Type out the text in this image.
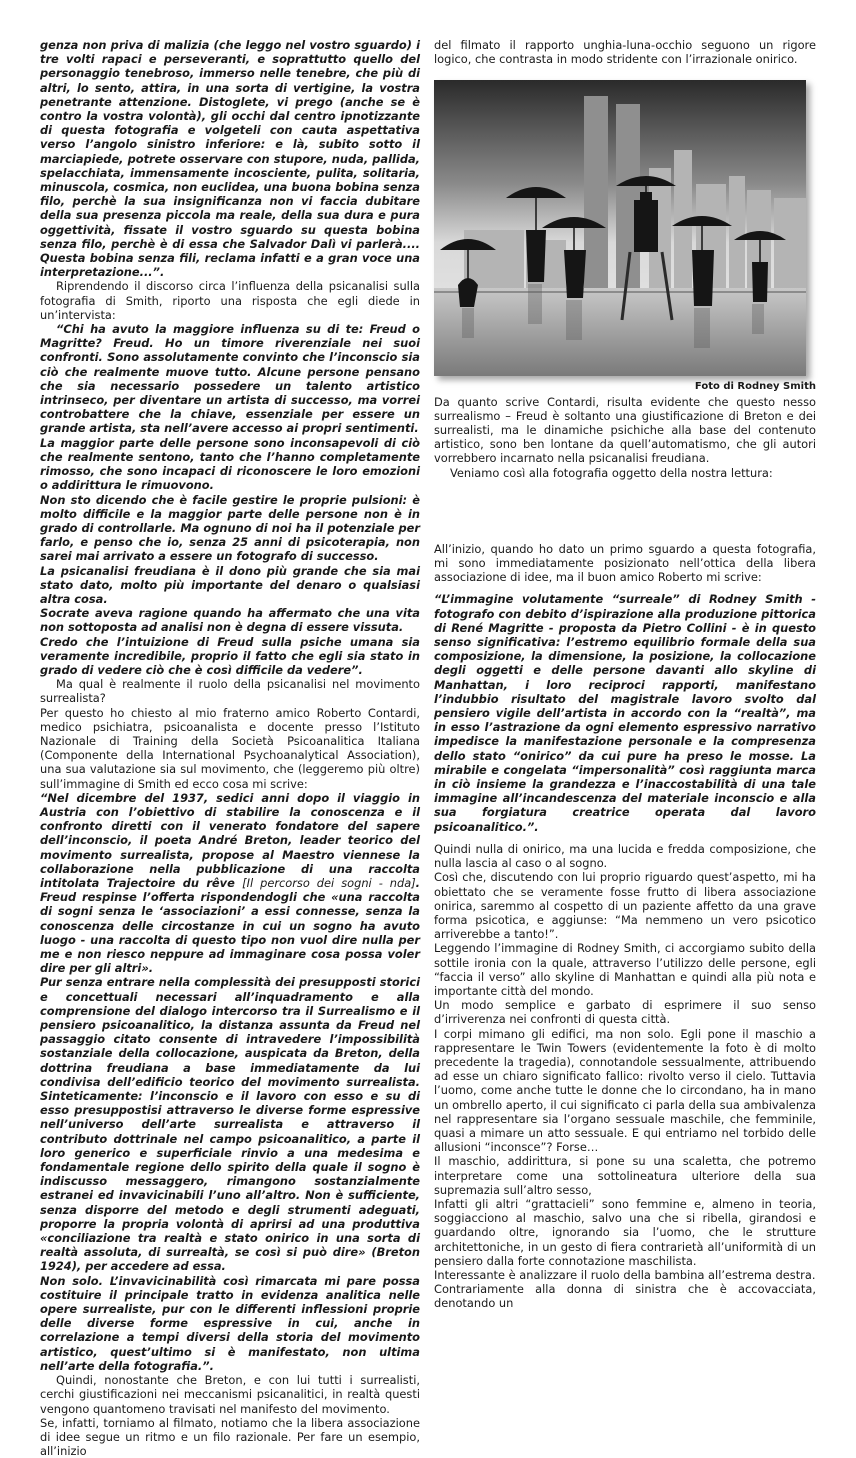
genza non priva di malizia (che leggo nel vostro sguardo) i tre volti rapaci e perseveranti, e soprattutto quello del personaggio tenebroso, immerso nelle tenebre, che più di altri, lo sento, attira, in una sorta di vertigine, la vostra penetrante attenzione. Distoglete, vi prego (anche se è contro la vostra volontà), gli occhi dal centro ipnotizzante di questa fotografia e volgeteli con cauta aspettativa verso l’angolo sinistro inferiore: e là, subito sotto il marciapiede, potrete osservare con stupore, nuda, pallida, spelacchiata, immensamente incosciente, pulita, solitaria, minuscola, cosmica, non euclidea, una buona bobina senza filo, perchè la sua insignificanza non vi faccia dubitare della sua presenza piccola ma reale, della sua dura e pura oggettività, fissate il vostro sguardo su questa bobina senza filo, perchè è di essa che Salvador Dalì vi parlerà.... Questa bobina senza fili, reclama infatti e a gran voce una interpretazione...”.

Riprendendo il discorso circa l’influenza della psicanalisi sulla fotografia di Smith, riporto una risposta che egli diede in un’intervista:

“Chi ha avuto la maggiore influenza su di te: Freud o Magritte? Freud. Ho un timore riverenziale nei suoi confronti. Sono assolutamente convinto che l’inconscio sia ciò che realmente muove tutto. Alcune persone pensano che sia necessario possedere un talento artistico intrinseco, per diventare un artista di successo, ma vorrei controbattere che la chiave, essenziale per essere un grande artista, sta nell’avere accesso ai propri sentimenti.

La maggior parte delle persone sono inconsapevoli di ciò che realmente sentono, tanto che l’hanno completamente rimosso, che sono incapaci di riconoscere le loro emozioni o addirittura le rimuovono.

Non sto dicendo che è facile gestire le proprie pulsioni: è molto difficile e la maggior parte delle persone non è in grado di controllarle. Ma ognuno di noi ha il potenziale per farlo, e penso che io, senza 25 anni di psicoterapia, non sarei mai arrivato a essere un fotografo di successo.

La psicanalisi freudiana è il dono più grande che sia mai stato dato, molto più importante del denaro o qualsiasi altra cosa.

Socrate aveva ragione quando ha affermato che una vita non sottoposta ad analisi non è degna di essere vissuta.

Credo che l’intuizione di Freud sulla psiche umana sia veramente incredibile, proprio il fatto che egli sia stato in grado di vedere ciò che è così difficile da vedere”.

Ma qual è realmente il ruolo della psicanalisi nel movimento surrealista?

Per questo ho chiesto al mio fraterno amico Roberto Contardi, medico psichiatra, psicoanalista e docente presso l’Istituto Nazionale di Training della Società Psicoanalitica Italiana (Componente della International Psychoanalytical Association), una sua valutazione sia sul movimento, che (leggeremo più oltre) sull’immagine di Smith ed ecco cosa mi scrive:

“Nel dicembre del 1937, sedici anni dopo il viaggio in Austria con l’obiettivo di stabilire la conoscenza e il confronto diretti con il venerato fondatore del sapere dell’inconscio, il poeta André Breton, leader teorico del movimento surrealista, propose al Maestro viennese la collaborazione nella pubblicazione di una raccolta intitolata Trajectoire du rêve [Il percorso dei sogni - nda]. Freud respinse l’offerta rispondendogli che «una raccolta di sogni senza le ‘associazioni’ a essi connesse, senza la conoscenza delle circostanze in cui un sogno ha avuto luogo - una raccolta di questo tipo non vuol dire nulla per me e non riesco neppure ad immaginare cosa possa voler dire per gli altri».

Pur senza entrare nella complessità dei presupposti storici e concettuali necessari all’inquadramento e alla comprensione del dialogo intercorso tra il Surrealismo e il pensiero psicoanalitico, la distanza assunta da Freud nel passaggio citato consente di intravedere l’impossibilità sostanziale della collocazione, auspicata da Breton, della dottrina freudiana a base immediatamente da lui condivisa dell’edificio teorico del movimento surrealista. Sinteticamente: l’inconscio e il lavoro con esso e su di esso presuppostisi attraverso le diverse forme espressive nell’universo dell’arte surrealista e attraverso il contributo dottrinale nel campo psicoanalitico, a parte il loro generico e superficiale rinvio a una medesima e fondamentale regione dello spirito della quale il sogno è indiscusso messaggero, rimangono sostanzialmente estranei ed invavicinabili l’uno all’altro. Non è sufficiente, senza disporre del metodo e degli strumenti adeguati, proporre la propria volontà di aprirsi ad una produttiva «conciliazione tra realtà e stato onirico in una sorta di realtà assoluta, di surrealtà, se così si può dire» (Breton 1924), per accedere ad essa.

Non solo. L’invavicinabilità così rimarcata mi pare possa costituire il principale tratto in evidenza analitica nelle opere surrealiste, pur con le differenti inflessioni proprie delle diverse forme espressive in cui, anche in correlazione a tempi diversi della storia del movimento artistico, quest’ultimo si è manifestato, non ultima nell’arte della fotografia.”.

Quindi, nonostante che Breton, e con lui tutti i surrealisti, cerchi giustificazioni nei meccanismi psicanalitici, in realtà questi vengono quantomeno travisati nel manifesto del movimento.

Se, infatti, torniamo al filmato, notiamo che la libera associazione di idee segue un ritmo e un filo razionale. Per fare un esempio, all’inizio

del filmato il rapporto unghia-luna-occhio seguono un rigore logico, che contrasta in modo stridente con l’irrazionale onirico.

Foto di Rodney Smith

Da quanto scrive Contardi, risulta evidente che questo nesso surrealismo – Freud è soltanto una giustificazione di Breton e dei surrealisti, ma le dinamiche psichiche alla base del contenuto artistico, sono ben lontane da quell’automatismo, che gli autori vorrebbero incarnato nella psicanalisi freudiana.

Veniamo così alla fotografia oggetto della nostra lettura:

All’inizio, quando ho dato un primo sguardo a questa fotografia, mi sono immediatamente posizionato nell’ottica della libera associazione di idee, ma il buon amico Roberto mi scrive:

“L’immagine volutamente “surreale” di Rodney Smith - fotografo con debito d’ispirazione alla produzione pittorica di René Magritte - proposta da Pietro Collini - è in questo senso significativa: l’estremo equilibrio formale della sua composizione, la dimensione, la posizione, la collocazione degli oggetti e delle persone davanti allo skyline di Manhattan, i loro reciproci rapporti, manifestano l’indubbio risultato del magistrale lavoro svolto dal pensiero vigile dell’artista in accordo con la “realtà”, ma in esso l’astrazione da ogni elemento espressivo narrativo impedisce la manifestazione personale e la compresenza dello stato “onirico” da cui pure ha preso le mosse. La mirabile e congelata “impersonalità” così raggiunta marca in ciò insieme la grandezza e l’inaccostabilità di una tale immagine all’incandescenza del materiale inconscio e alla sua forgiatura creatrice operata dal lavoro psicoanalitico.”.

Quindi nulla di onirico, ma una lucida e fredda composizione, che nulla lascia al caso o al sogno.

Così che, discutendo con lui proprio riguardo quest’aspetto, mi ha obiettato che se veramente fosse frutto di libera associazione onirica, saremmo al cospetto di un paziente affetto da una grave forma psicotica, e aggiunse: “Ma nemmeno un vero psicotico arriverebbe a tanto!”.

Leggendo l’immagine di Rodney Smith, ci accorgiamo subito della sottile ironia con la quale, attraverso l’utilizzo delle persone, egli “faccia il verso” allo skyline di Manhattan e quindi alla più nota e importante città del mondo.

Un modo semplice e garbato di esprimere il suo senso d’irriverenza nei confronti di questa città.

I corpi mimano gli edifici, ma non solo. Egli pone il maschio a rappresentare le Twin Towers (evidentemente la foto è di molto precedente la tragedia), connotandole sessualmente, attribuendo ad esse un chiaro significato fallico: rivolto verso il cielo. Tuttavia l’uomo, come anche tutte le donne che lo circondano, ha in mano un ombrello aperto, il cui significato ci parla della sua ambivalenza nel rappresentare sia l’organo sessuale maschile, che femminile, quasi a mimare un atto sessuale. E qui entriamo nel torbido delle allusioni “inconsce”? Forse…

Il maschio, addirittura, si pone su una scaletta, che potremo interpretare come una sottolineatura ulteriore della sua supremazia sull’altro sesso,

Infatti gli altri “grattacieli” sono femmine e, almeno in teoria, soggiacciono al maschio, salvo una che si ribella, girandosi e guardando oltre, ignorando sia l’uomo, che le strutture architettoniche, in un gesto di fiera contrarietà all’uniformità di un pensiero dalla forte connotazione maschilista.

Interessante è analizzare il ruolo della bambina all’estrema destra.

Contrariamente alla donna di sinistra che è accovacciata, denotando un
